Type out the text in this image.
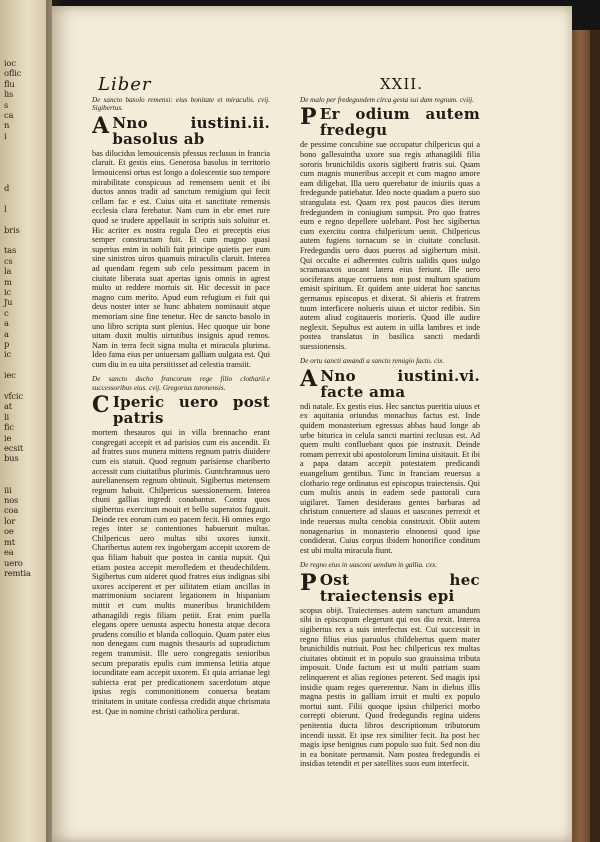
ioc
oflic
flu
lis
s
ca
n
i

d

l

bris

tas
cs
la
m
ic
Ju
c
a
a
p
ic

iec

vfcic
at
li
fic
ie
ecsit
bus

iii
nos
coa
lor
oe
mt
ea
uero
remtia
Liber	XXII.

De sancto basolo remensi: eius bonitate et miraculis. cvij. Sigibertus.

A Nno iustini.ii. basolus ab

bas dilucidus lemouicensis pfessus reclusus in francia claruit. Et gestis eius. Generosa basolus in territorio lemouicensi ortus est longo a dolescentie suo tempore mirabilitate conspicuus ad remensem uenit et ibi ductos annos tradit ad sanctum remigium qui fecit cellam fac e est. Cuius uita et sanctitate remensis ecclesia clara ferebatur. Nam cum in ebr emet rure quod se trudere appellauit in scriptis suis soluitur et. Hic acriter ex nostra regula Deo et preceptis eius semper constructam fuit. Et cum magno quasi superius enim in nobili fuit principe quietis per eum sine sinistros uiros quamuis miraculis claruit. Interea ad quendam regem sub celo pessimum pacem in ciuitate liberata suat apertas ignis omnis in agrest multo ut reddere mortuis sit. Hic decessit in pace magno cum merito. Apud eum refugium ei fuit qui deus noster inter se hunc abbatem nominauit atque memoriam sine fine tenetur. Hec de sancto basolo in uno libro scripta sunt plenius. Hec quoque uir bone uitam duxit multis uirtutibus insignis apud remos. Nam in terra fecit signa multa et miracula plurima. Ideo fama eius per uniuersam galliam uulgata est. Qui cum diu in ea uita perstitisset ad celestia transiit.

De sancto ducho francorum rege filio clotharii.e successoribus eius. cvij. Gregorius turonensis.

C Iperic uero post patris

mortem thesauros qui in villa brennacho erant congregati accepit et ad parisios cum eis ascendit. Et ad fratres suos munera mittens regnum patris diuidere cum eis statuit. Quod regnum parisiense chariberto accessit cum ciuitatibus plurimis. Guntchramnus uero aurelianensem regnum obtinuit. Sigibertus metensem regnum habuit. Chilpericus suessionensem. Interea chuni gallias ingredi conabantur. Contra quos sigibertus exercitum mouit et bello superatos fugauit. Deinde rex eorum cum eo pacem fecit. Hi omnes ergo reges inter se contentiones habuerunt multas. Chilpericus uero multas sibi uxores iunxit. Charibertus autem rex ingobergam accepit uxorem de qua filiam habuit que postea in cantia nupsit. Qui etiam postea accepit merofledem et theudechildem. Sigibertus cum uideret quod fratres eius indignas sibi uxores acciperent et per uilitatem etiam ancillas in matrimonium sociarent legationem in hispaniam mittit et cum multis muneribus brunichildem athanagildi regis filiam petiit. Erat enim puella elegans opere uenusta aspectu honesta atque decora prudens consilio et blanda colloquio. Quam pater eius non denegans cum magnis thesauris ad supradictum regem transmisit. Ille uero congregatis senioribus secum preparatis epulis cum immensa letitia atque iocunditate eam accepit uxorem. Et quia arrianae legi subiecta erat per predicationem sacerdotum atque ipsius regis commonitionem conuersa beatam trinitatem in unitate confessa credidit atque chrismata est. Que in nomine christi catholica perdurat.

De malo per fredegundem circa gesta sui dam regnum. cviij.

P Er odium autem fredegu

de pessime concubine sue occupatur chilpericus qui a bono gallesuintha uxore sua regis athanagildi filia sororis brunichildis uxoris sigiberti fratris sui. Quam cum magnis muneribus accepit et cum magno amore eam diligebat. Illa uero querebatur de iniuriis quas a fredegunde patiebatur. Ideo nocte quadam a puero suo strangulata est. Quam rex post paucos dies iterum fredegundem in coniugium sumpsit. Pro quo fratres eum e regno depellere uolebant. Post hec sigibertus cum exercitu contra chilpericum uenit. Chilpericus autem fugiens tornacum se in ciuitate conclusit. Fredegundis uero duos pueros ad sigibertum misit. Qui occulte ei adherentes cultris ualidis quos uulgo scramasaxos uocant latera eius feriunt. Ille uero uociferans atque corruens non post multum spatium emisit spiritum. Et quidem ante uiderat hoc sanctus germanus episcopus et dixerat. Si abieris et fratrem tuum interficere nolueris uiuus et uictor redibis. Sin autem aliud cogitaueris morieris. Quod ille audire neglexit. Sepultus est autem in uilla lambres et inde postea translatus in basilica sancti medardi suessionensis.

De ortu sancti amandi a sancto remigio facto. cix.

A Nno iustini.vi. facte ama

ndi natale. Ex gestis eius. Hec sanctus pueritia uiuus et ex aquitania oriundus monachus factus est. Inde quidem monasterium egressus abbas haud longe ab urbe biturica in celula sancti martini reclusus est. Ad quem multi confluebant quos pie instruxit. Deinde romam perrexit ubi apostolorum limina uisitauit. Et ibi a papa datam accepit potestatem predicandi euangelium gentibus. Tunc in franciam reuersus a clothario rege ordinatus est episcopus traiectensis. Qui cum multis annis in eadem sede pastorali cura uigilaret. Tamen desiderans gentes barbaras ad christum conuertere ad slauos et uascones perrexit et inde reuersus multa cenobia construxit. Obiit autem nonagenarius in monasterio elnonensi quod ipse condiderat. Cuius corpus ibidem honorifice conditum est ubi multa miracula fiunt.

De regno eius in uasconi uendum in gallia. cxx.

P Ost hec traiectensis epi

scopus obijt. Traiectenses autem sanctum amandum sibi in episcopum elegerunt qui eos diu rexit. Interea sigibertus rex a suis interfectus est. Cui successit in regno filius eius paruulus childebertus quem mater brunichildis nutriuit. Post hec chilpericus rex multas ciuitates obtinuit et in populo suo grauissima tributa imposuit. Unde factum est ut multi patriam suam relinquerent et alias regiones peterent. Sed magis ipsi insidie quam reges quererentur. Nam in diebus illis magna pestis in galliam irruit et multi ex populo mortui sunt. Filii quoque ipsius chilperici morbo correpti obierunt. Quod fredegundis regina uidens penitentia ducta libros descriptionum tributorum incendi iussit. Et ipse rex similiter fecit. Ita post hec magis ipse benignus cum populo suo fuit. Sed non diu in ea bonitate permansit. Nam postea fredegundis ei insidias tetendit et per satellites suos eum interfecit.
